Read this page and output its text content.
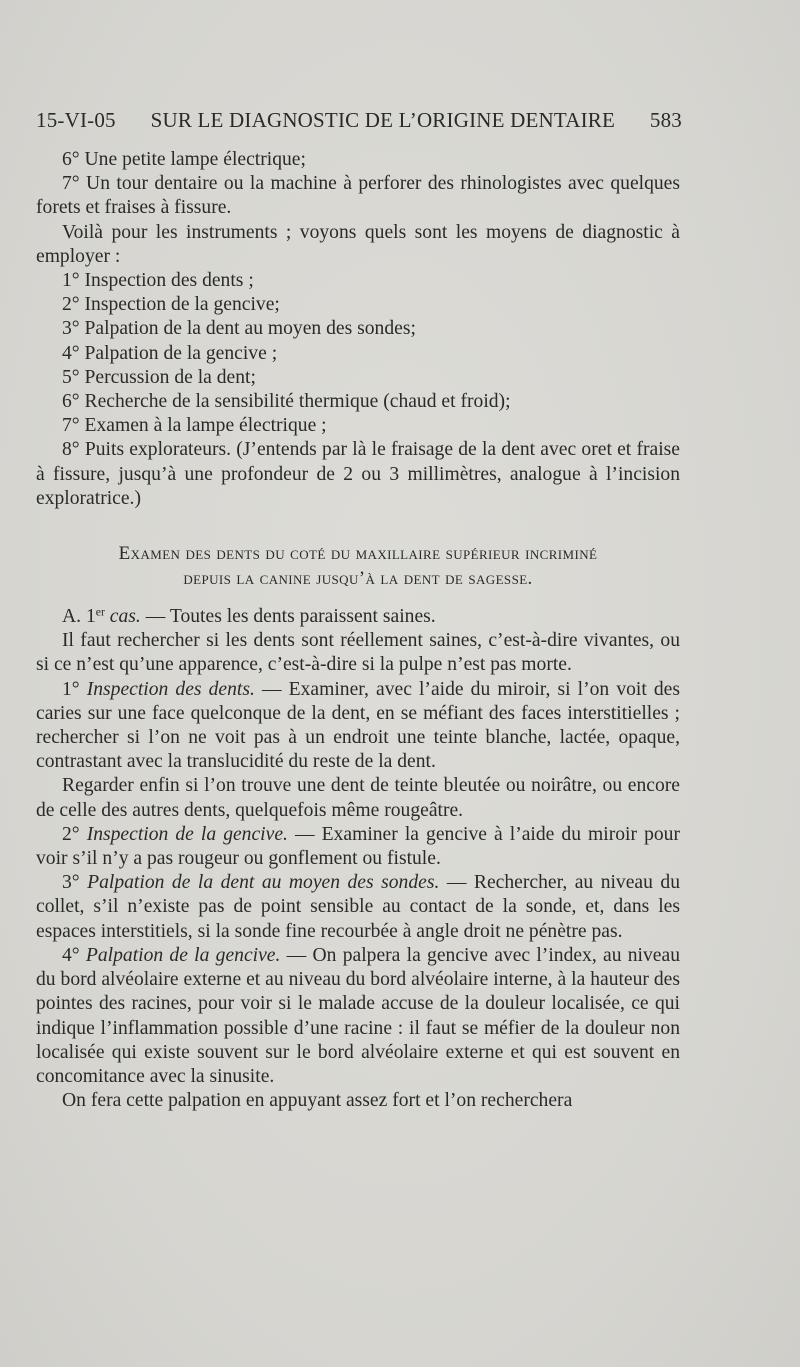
15-VI-05 SUR LE DIAGNOSTIC DE L’ORIGINE DENTAIRE 583

6° Une petite lampe électrique;

7° Un tour dentaire ou la machine à perforer des rhinologistes avec quelques forets et fraises à fissure.

Voilà pour les instruments ; voyons quels sont les moyens de diagnostic à employer :

1° Inspection des dents ;

2° Inspection de la gencive;

3° Palpation de la dent au moyen des sondes;

4° Palpation de la gencive ;

5° Percussion de la dent;

6° Recherche de la sensibilité thermique (chaud et froid);

7° Examen à la lampe électrique ;

8° Puits explorateurs. (J’entends par là le fraisage de la dent avec oret et fraise à fissure, jusqu’à une profondeur de 2 ou 3 millimètres, analogue à l’incision exploratrice.)

Examen des dents du coté du maxillaire supérieur incriminé
depuis la canine jusqu’à la dent de sagesse.

A. 1er cas. — Toutes les dents paraissent saines.

Il faut rechercher si les dents sont réellement saines, c’est-à-dire vivantes, ou si ce n’est qu’une apparence, c’est-à-dire si la pulpe n’est pas morte.

1° Inspection des dents. — Examiner, avec l’aide du miroir, si l’on voit des caries sur une face quelconque de la dent, en se méfiant des faces interstitielles ; rechercher si l’on ne voit pas à un endroit une teinte blanche, lactée, opaque, contrastant avec la translucidité du reste de la dent.

Regarder enfin si l’on trouve une dent de teinte bleutée ou noirâtre, ou encore de celle des autres dents, quelquefois même rougeâtre.

2° Inspection de la gencive. — Examiner la gencive à l’aide du miroir pour voir s’il n’y a pas rougeur ou gonflement ou fistule.

3° Palpation de la dent au moyen des sondes. — Rechercher, au niveau du collet, s’il n’existe pas de point sensible au contact de la sonde, et, dans les espaces interstitiels, si la sonde fine recourbée à angle droit ne pénètre pas.

4° Palpation de la gencive. — On palpera la gencive avec l’index, au niveau du bord alvéolaire externe et au niveau du bord alvéolaire interne, à la hauteur des pointes des racines, pour voir si le malade accuse de la douleur localisée, ce qui indique l’inflammation possible d’une racine : il faut se méfier de la douleur non localisée qui existe souvent sur le bord alvéolaire externe et qui est souvent en concomitance avec la sinusite.

On fera cette palpation en appuyant assez fort et l’on recherchera
